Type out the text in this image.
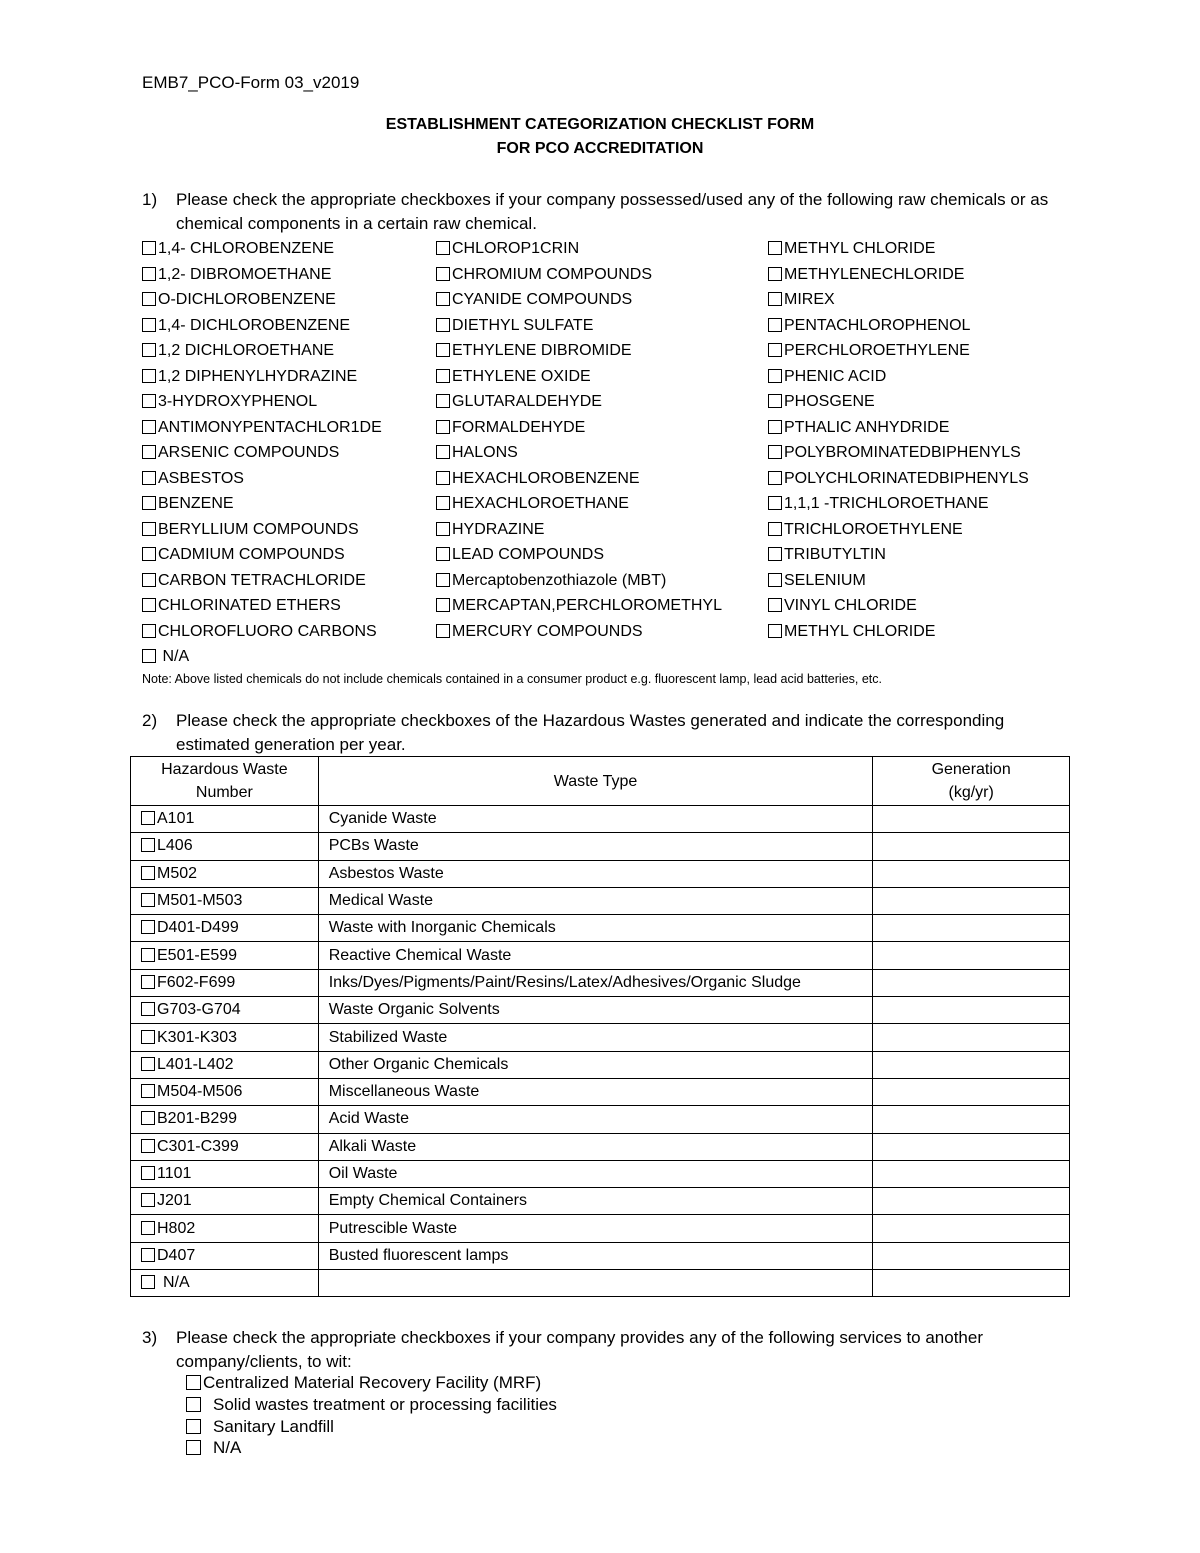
EMB7_PCO-Form 03_v2019
ESTABLISHMENT CATEGORIZATION CHECKLIST FORM
FOR PCO ACCREDITATION
1) Please check the appropriate checkboxes if your company possessed/used any of the following raw chemicals or as chemical components in a certain raw chemical.
1,4- CHLOROBENZENE
1,2- DIBROMOETHANE
O-DICHLOROBENZENE
1,4- DICHLOROBENZENE
1,2 DICHLOROETHANE
1,2 DIPHENYLHYDRAZINE
3-HYDROXYPHENOL
ANTIMONYPENTACHLOR1DE
ARSENIC COMPOUNDS
ASBESTOS
BENZENE
BERYLLIUM COMPOUNDS
CADMIUM COMPOUNDS
CARBON TETRACHLORIDE
CHLORINATED ETHERS
CHLOROFLUORO CARBONS
CHLOROP1CRIN
CHROMIUM COMPOUNDS
CYANIDE COMPOUNDS
DIETHYL SULFATE
ETHYLENE DIBROMIDE
ETHYLENE OXIDE
GLUTARALDEHYDE
FORMALDEHYDE
HALONS
HEXACHLOROBENZENE
HEXACHLOROETHANE
HYDRAZINE
LEAD COMPOUNDS
Mercaptobenzothiazole (MBT)
MERCAPTAN,PERCHLOROMETHYL
MERCURY COMPOUNDS
METHYL CHLORIDE
METHYLENECHLORIDE
MIREX
PENTACHLOROPHENOL
PERCHLOROETHYLENE
PHENIC ACID
PHOSGENE
PTHALIC ANHYDRIDE
POLYBROMINATEDBIPHENYLS
POLYCHLORINATEDBIPHENYLS
1,1,1 -TRICHLOROETHANE
TRICHLOROETHYLENE
TRIBUTYLTIN
SELENIUM
VINYL CHLORIDE
METHYL CHLORIDE
N/A
Note: Above listed chemicals do not include chemicals contained in a consumer product e.g. fluorescent lamp, lead acid batteries, etc.
2) Please check the appropriate checkboxes of the Hazardous Wastes generated and indicate the corresponding estimated generation per year.
Hazardous Waste
Number	Waste Type	Generation
(kg/yr)
A101	Cyanide Waste	
L406	PCBs Waste	
M502	Asbestos Waste	
M501-M503	Medical Waste	
D401-D499	Waste with Inorganic Chemicals	
E501-E599	Reactive Chemical Waste	
F602-F699	Inks/Dyes/Pigments/Paint/Resins/Latex/Adhesives/Organic Sludge	
G703-G704	Waste Organic Solvents	
K301-K303	Stabilized Waste	
L401-L402	Other Organic Chemicals	
M504-M506	Miscellaneous Waste	
B201-B299	Acid Waste	
C301-C399	Alkali Waste	
1101	Oil Waste	
J201	Empty Chemical Containers	
H802	Putrescible Waste	
D407	Busted fluorescent lamps	
N/A		
3) Please check the appropriate checkboxes if your company provides any of the following services to another company/clients, to wit:
Centralized Material Recovery Facility (MRF)
Solid wastes treatment or processing facilities
Sanitary Landfill
N/A
